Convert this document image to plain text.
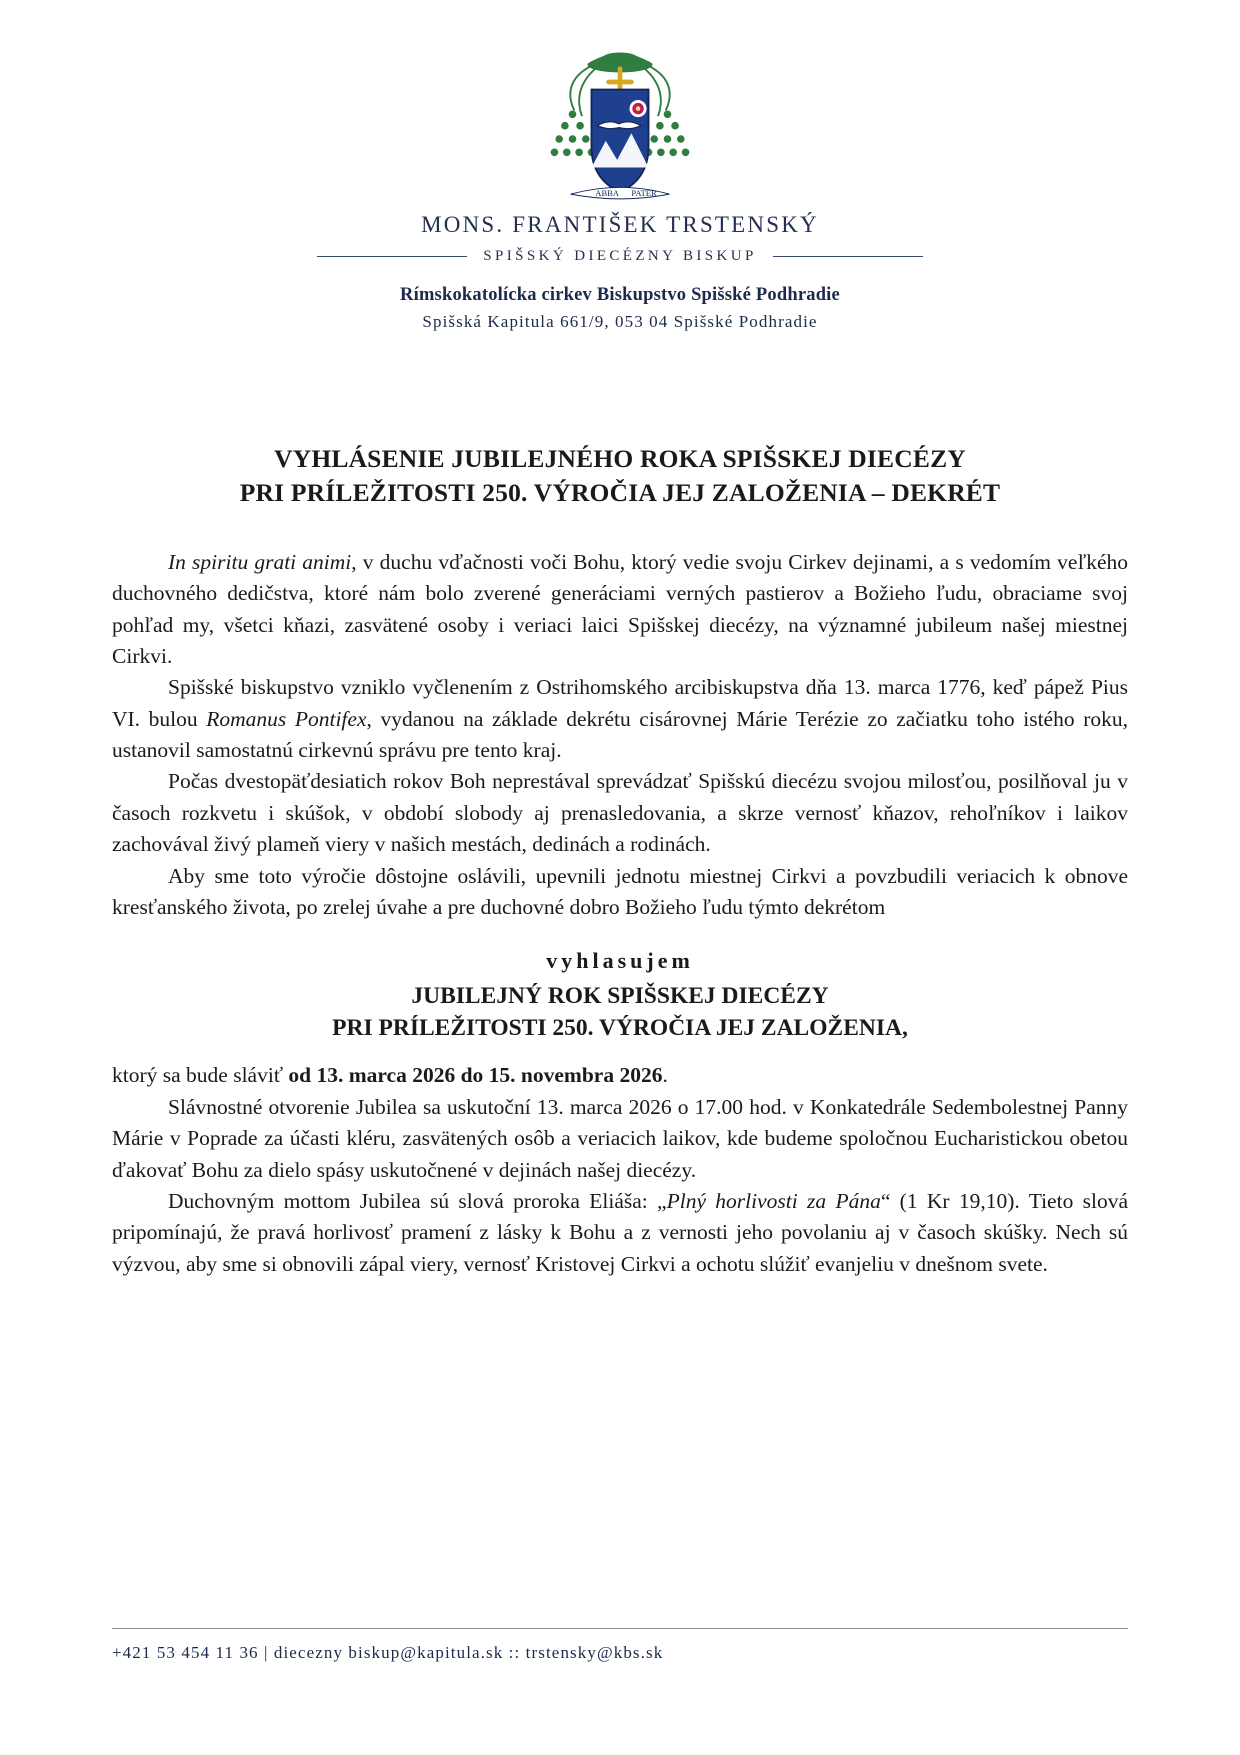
ABBA PATER
MONS. FRANTIŠEK TRSTENSKÝ
SPIŠSKÝ DIECÉZNY BISKUP
Rímskokatolícka cirkev Biskupstvo Spišské Podhradie
Spišská Kapitula 661/9, 053 04 Spišské Podhradie
VYHLÁSENIE JUBILEJNÉHO ROKA SPIŠSKEJ DIECÉZY
PRI PRÍLEŽITOSTI 250. VÝROČIA JEJ ZALOŽENIA – DEKRÉT

In spiritu grati animi, v duchu vďačnosti voči Bohu, ktorý vedie svoju Cirkev dejinami, a s vedomím veľkého duchovného dedičstva, ktoré nám bolo zverené generáciami verných pastierov a Božieho ľudu, obraciame svoj pohľad my, všetci kňazi, zasvätené osoby i veriaci laici Spišskej diecézy, na významné jubileum našej miestnej Cirkvi.

Spišské biskupstvo vzniklo vyčlenením z Ostrihomského arcibiskupstva dňa 13. marca 1776, keď pápež Pius VI. bulou Romanus Pontifex, vydanou na základe dekrétu cisárovnej Márie Terézie zo začiatku toho istého roku, ustanovil samostatnú cirkevnú správu pre tento kraj.

Počas dvestopäťdesiatich rokov Boh neprestával sprevádzať Spišskú diecézu svojou milosťou, posilňoval ju v časoch rozkvetu i skúšok, v období slobody aj prenasledovania, a skrze vernosť kňazov, rehoľníkov i laikov zachovával živý plameň viery v našich mestách, dedinách a rodinách.

Aby sme toto výročie dôstojne oslávili, upevnili jednotu miestnej Cirkvi a povzbudili veriacich k obnove kresťanského života, po zrelej úvahe a pre duchovné dobro Božieho ľudu týmto dekrétom

vyhlasujem
JUBILEJNÝ ROK SPIŠSKEJ DIECÉZY
PRI PRÍLEŽITOSTI 250. VÝROČIA JEJ ZALOŽENIA,

ktorý sa bude sláviť od 13. marca 2026 do 15. novembra 2026.

Slávnostné otvorenie Jubilea sa uskutoční 13. marca 2026 o 17.00 hod. v Konkatedrále Sedembolestnej Panny Márie v Poprade za účasti kléru, zasvätených osôb a veriacich laikov, kde budeme spoločnou Eucharistickou obetou ďakovať Bohu za dielo spásy uskutočnené v dejinách našej diecézy.

Duchovným mottom Jubilea sú slová proroka Eliáša: „Plný horlivosti za Pána“ (1 Kr 19,10). Tieto slová pripomínajú, že pravá horlivosť pramení z lásky k Bohu a z vernosti jeho povolaniu aj v časoch skúšky. Nech sú výzvou, aby sme si obnovili zápal viery, vernosť Kristovej Cirkvi a ochotu slúžiť evanjeliu v dnešnom svete.

+421 53 454 11 36 | diecezny biskup@kapitula.sk :: trstensky@kbs.sk
